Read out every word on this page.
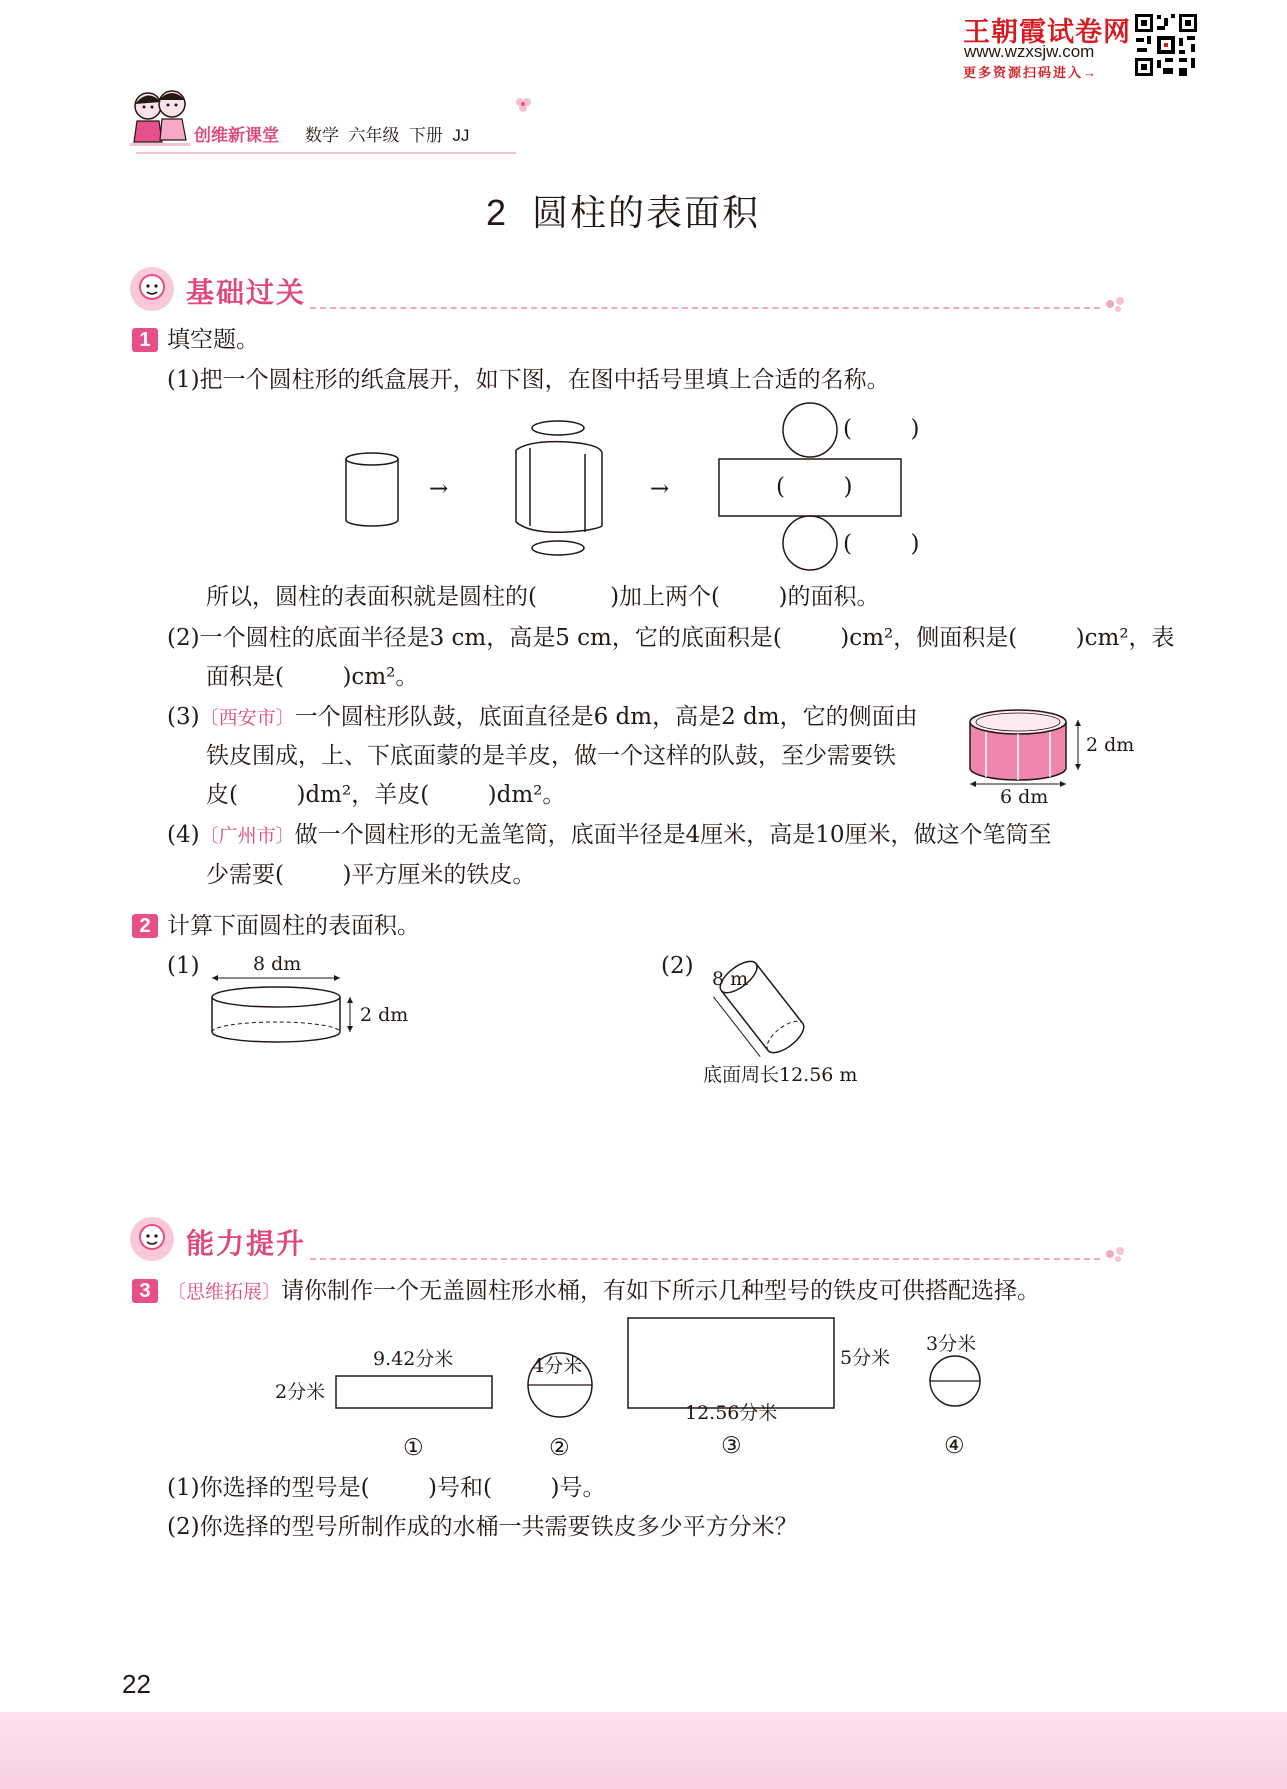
王朝霞试卷网
www.wzxsjw.com
更多资源扫码进入→
创维新课堂 数学  六年级  下册  JJ
2  圆柱的表面积
基础过关
1 填空题。
(1)把一个圆柱形的纸盒展开，如下图，在图中括号里填上合适的名称。
→	→
(        )
(        )
(        )
所以，圆柱的表面积就是圆柱的(          )加上两个(        )的面积。
(2)一个圆柱的底面半径是3 cm，高是5 cm，它的底面积是(        )cm²，侧面积是(        )cm²，表
面积是(        )cm²。
(3)〔西安市〕一个圆柱形队鼓，底面直径是6 dm，高是2 dm，它的侧面由
铁皮围成，上、下底面蒙的是羊皮，做一个这样的队鼓，至少需要铁
皮(        )dm²，羊皮(        )dm²。
2 dm
6 dm
(4)〔广州市〕做一个圆柱形的无盖笔筒，底面半径是4厘米，高是10厘米，做这个笔筒至
少需要(        )平方厘米的铁皮。
2 计算下面圆柱的表面积。
(1)	8 dm
2 dm
(2) 8 m
底面周长12.56 m
能力提升
3 〔思维拓展〕请你制作一个无盖圆柱形水桶，有如下所示几种型号的铁皮可供搭配选择。
9.42分米
2分米
4分米	5分米
12.56分米
3分米
①	②	③	④
(1)你选择的型号是(        )号和(        )号。
(2)你选择的型号所制作成的水桶一共需要铁皮多少平方分米？
22
